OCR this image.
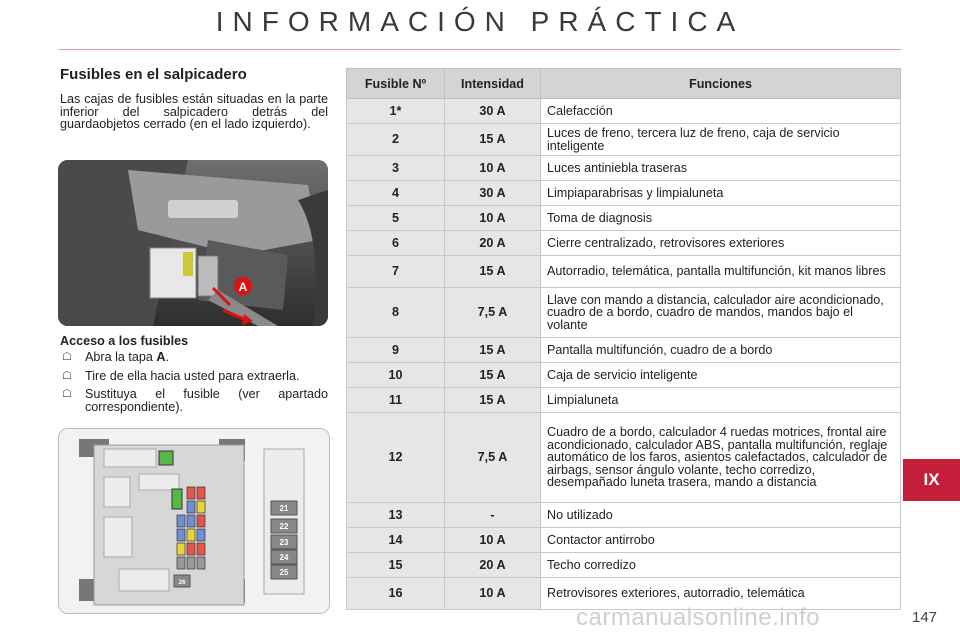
INFORMACIÓN PRÁCTICA
Fusibles en el salpicadero
Las cajas de fusibles están situadas en la parte inferior del salpicadero detrás del guardaobjetos cerrado (en el lado izquierdo).
A
Acceso a los fusibles
☖ Abra la tapa A.
☖ Tire de ella hacia usted para extraerla.
☖ Sustituya el fusible (ver apartado correspondiente).
21
22
23
24
25
26
Fusible Nº	Intensidad	Funciones
1*	30 A	Calefacción
2	15 A	Luces de freno, tercera luz de freno, caja de servicio inteligente
3	10 A	Luces antiniebla traseras
4	30 A	Limpiaparabrisas y limpialuneta
5	10 A	Toma de diagnosis
6	20 A	Cierre centralizado, retrovisores exteriores
7	15 A	Autorradio, telemática, pantalla multifunción, kit manos libres
8	7,5 A	Llave con mando a distancia, calculador aire acondicionado, cuadro de a bordo, cuadro de mandos, mandos bajo el volante
9	15 A	Pantalla multifunción, cuadro de a bordo
10	15 A	Caja de servicio inteligente
11	15 A	Limpialuneta
12	7,5 A	Cuadro de a bordo, calculador 4 ruedas motrices, frontal aire acondicionado, calculador ABS, pantalla multifunción, reglaje automático de los faros, asientos calefactados, calculador de airbags, sensor ángulo volante, techo corredizo, desempañado luneta trasera, mando a distancia
13	-	No utilizado
14	10 A	Contactor antirrobo
15	20 A	Techo corredizo
16	10 A	Retrovisores exteriores, autorradio, telemática
IX
147
carmanualsonline.info
